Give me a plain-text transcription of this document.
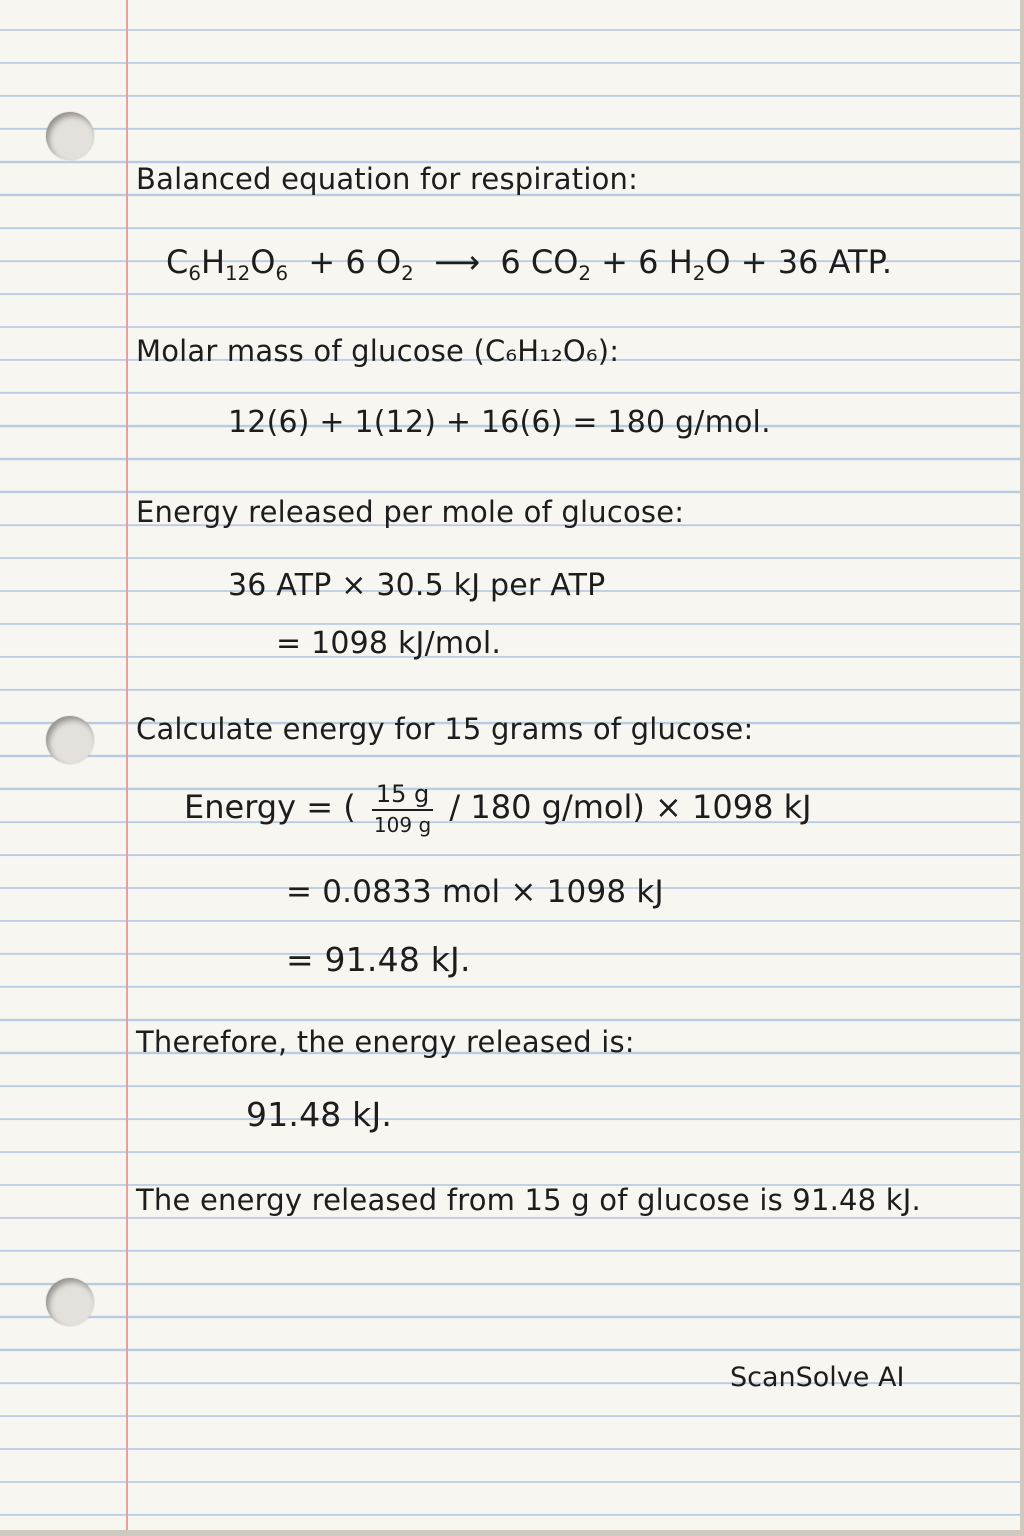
Balanced equation for respiration:
$C_6H_{12}O_6 + 6$ $O_2$ ⟶ 6 $CO_2 + 6$ $H_2O + 36$ ATP.
Molar mass of glucose (C₆H₁₂O₆):
12(6) + 1(12) + 16(6) = 180 g/mol.
Energy released per mole of glucose:
36 ATP × 30.5 kJ per ATP
= 1098 kJ/mol.
Calculate energy for 15 grams of glucose:
Energy = ( $\frac{15 g}{109 g} / 180$ g/mol) × 1098 kJ
= 0.0833 mol × 1098 kJ
= 91.48 kJ.
Therefore, the energy released is:
91.48 kJ.
The energy released from 15 g of glucose is 91.48 kJ.
ScanSolve AI
